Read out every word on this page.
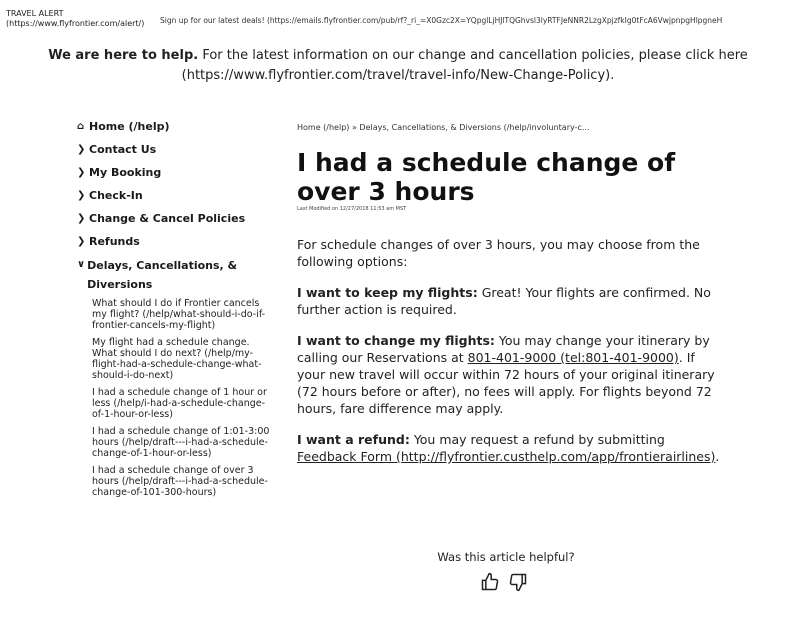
TRAVEL ALERT
(https://www.flyfrontier.com/alert/) Sign up for our latest deals! (https://emails.flyfrontier.com/pub/rf?_ri_=X0Gzc2X=YQpglLjHJlTQGhvsl3lyRTFJeNNR2LzgXpjzfkIg0tFcA6VwjpnpgHlpgneH
We are here to help. For the latest information on our change and cancellation policies, please click here (https://www.flyfrontier.com/travel/travel-info/New-Change-Policy).
⌂ Home (/help)
❯ Contact Us
❯ My Booking
❯ Check-In
❯ Change & Cancel Policies
❯ Refunds
∨ Delays, Cancellations, & Diversions
What should I do if Frontier cancels my flight? (/help/what-should-i-do-if-frontier-cancels-my-flight)
My flight had a schedule change. What should I do next? (/help/my-flight-had-a-schedule-change-what-should-i-do-next)
I had a schedule change of 1 hour or less (/help/i-had-a-schedule-change-of-1-hour-or-less)
I had a schedule change of 1:01-3:00 hours (/help/draft---i-had-a-schedule-change-of-1-hour-or-less)
I had a schedule change of over 3 hours (/help/draft---i-had-a-schedule-change-of-101-300-hours)
Home (/help) » Delays, Cancellations, & Diversions (/help/involuntary-c...
I had a schedule change of over 3 hours
Last Modified on 12/27/2018 11:53 am MST

For schedule changes of over 3 hours, you may choose from the following options:

I want to keep my flights: Great! Your flights are confirmed. No further action is required.

I want to change my flights: You may change your itinerary by calling our Reservations at 801-401-9000 (tel:801-401-9000). If your new travel will occur within 72 hours of your original itinerary (72 hours before or after), no fees will apply. For flights beyond 72 hours, fare difference may apply.

I want a refund: You may request a refund by submitting Feedback Form (http://flyfrontier.custhelp.com/app/frontierairlines).

Was this article helpful?
